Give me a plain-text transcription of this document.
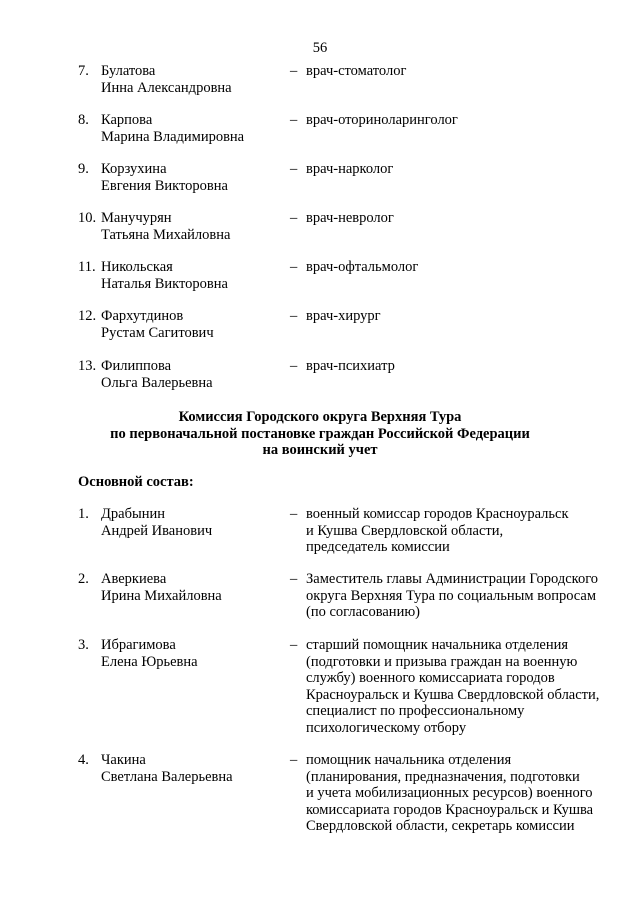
56
7. Булатова
Инна Александровна
– врач-стоматолог
8. Карпова
Марина Владимировна
– врач-оториноларинголог
9. Корзухина
Евгения Викторовна
– врач-нарколог
10. Манучурян
Татьяна Михайловна
– врач-невролог
11. Никольская
Наталья Викторовна
– врач-офтальмолог
12. Фархутдинов
Рустам Сагитович
– врач-хирург
13. Филиппова
Ольга Валерьевна
– врач-психиатр
Комиссия Городского округа Верхняя Тура
по первоначальной постановке граждан Российской Федерации
на воинский учет
Основной состав:
1. Драбынин
Андрей Иванович
– военный комиссар городов Красноуральск
и Кушва Свердловской области,
председатель комиссии
2. Аверкиева
Ирина Михайловна
– Заместитель главы Администрации Городского
округа Верхняя Тура по социальным вопросам
(по согласованию)
3. Ибрагимова
Елена Юрьевна
– старший помощник начальника отделения
(подготовки и призыва граждан на военную
службу) военного комиссариата городов
Красноуральск и Кушва Свердловской области,
специалист по профессиональному
психологическому отбору
4. Чакина
Светлана Валерьевна
– помощник начальника отделения
(планирования, предназначения, подготовки
и учета мобилизационных ресурсов) военного
комиссариата городов Красноуральск и Кушва
Свердловской области, секретарь комиссии
